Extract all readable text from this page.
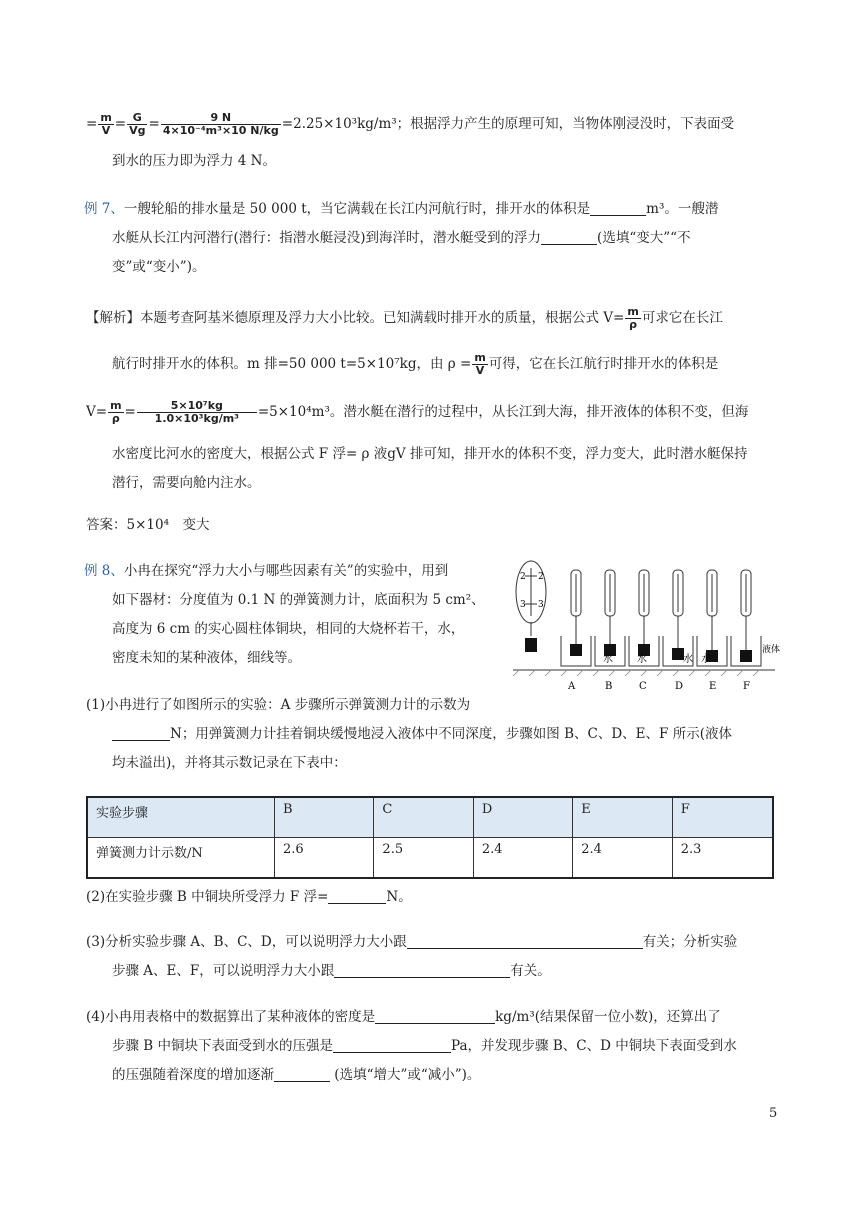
= $\frac{m}{V} = \frac{G}{Vg} = \frac{9 N}{\text{4×10⁻⁴m³×10 N/kg}} =2.25\times 10^3kg/m^3$；根据浮力产生的原理可知，当物体刚浸没时，下表面受
到水的压力即为浮力 4 N。
例 7、一艘轮船的排水量是 50 000 t，当它满载在长江内河航行时，排开水的体积是	m³。一艘潜
水艇从长江内河潜行(潜行：指潜水艇浸没)到海洋时，潜水艇受到的浮力	(选填“变大”“不
变”或“变小”)。
【解析】本题考查阿基米德原理及浮力大小比较。已知满载时排开水的质量，根据公式 $V= \frac{m}{\rho}$ 可求它在长江
航行时排开水的体积。m 排=50 000 t=5×10⁷kg，由 $\rho = \frac{m}{V}$ 可得，它在长江航行时排开水的体积是
$V= \frac{m}{\rho} = \frac{\text{5×10⁷kg}}{\text{1.0×10³kg/m³}} =5\times 10^4m^3$。潜水艇在潜行的过程中，从长江到大海，排开液体的体积不变，但海
水密度比河水的密度大，根据公式 F 浮= ρ 液gV 排可知，排开水的体积不变，浮力变大，此时潜水艇保持
潜行，需要向舱内注水。
答案：5×10⁴　变大
例 8、小冉在探究“浮力大小与哪些因素有关”的实验中，用到
如下器材：分度值为 0.1 N 的弹簧测力计，底面积为 5 cm²、
高度为 6 cm 的实心圆柱体铜块，相同的大烧杯若干，水，
密度未知的某种液体，细线等。
2 2
3 3
水 水	水 水
液体
A	B	C	D	E	F
(1)小冉进行了如图所示的实验：A 步骤所示弹簧测力计的示数为
N；用弹簧测力计挂着铜块缓慢地浸入液体中不同深度，步骤如图 B、C、D、E、F 所示(液体
均未溢出)，并将其示数记录在下表中：
实验步骤	B	C	D	E	F
弹簧测力计示数/N	2.6	2.5	2.4	2.4	2.3
(2)在实验步骤 B 中铜块所受浮力 F 浮=	N。
(3)分析实验步骤 A、B、C、D，可以说明浮力大小跟	有关；分析实验
步骤 A、E、F，可以说明浮力大小跟	有关。
(4)小冉用表格中的数据算出了某种液体的密度是	kg/m³(结果保留一位小数)，还算出了
步骤 B 中铜块下表面受到水的压强是	Pa，并发现步骤 B、C、D 中铜块下表面受到水
的压强随着深度的增加逐渐	(选填“增大”或“减小”)。
5
